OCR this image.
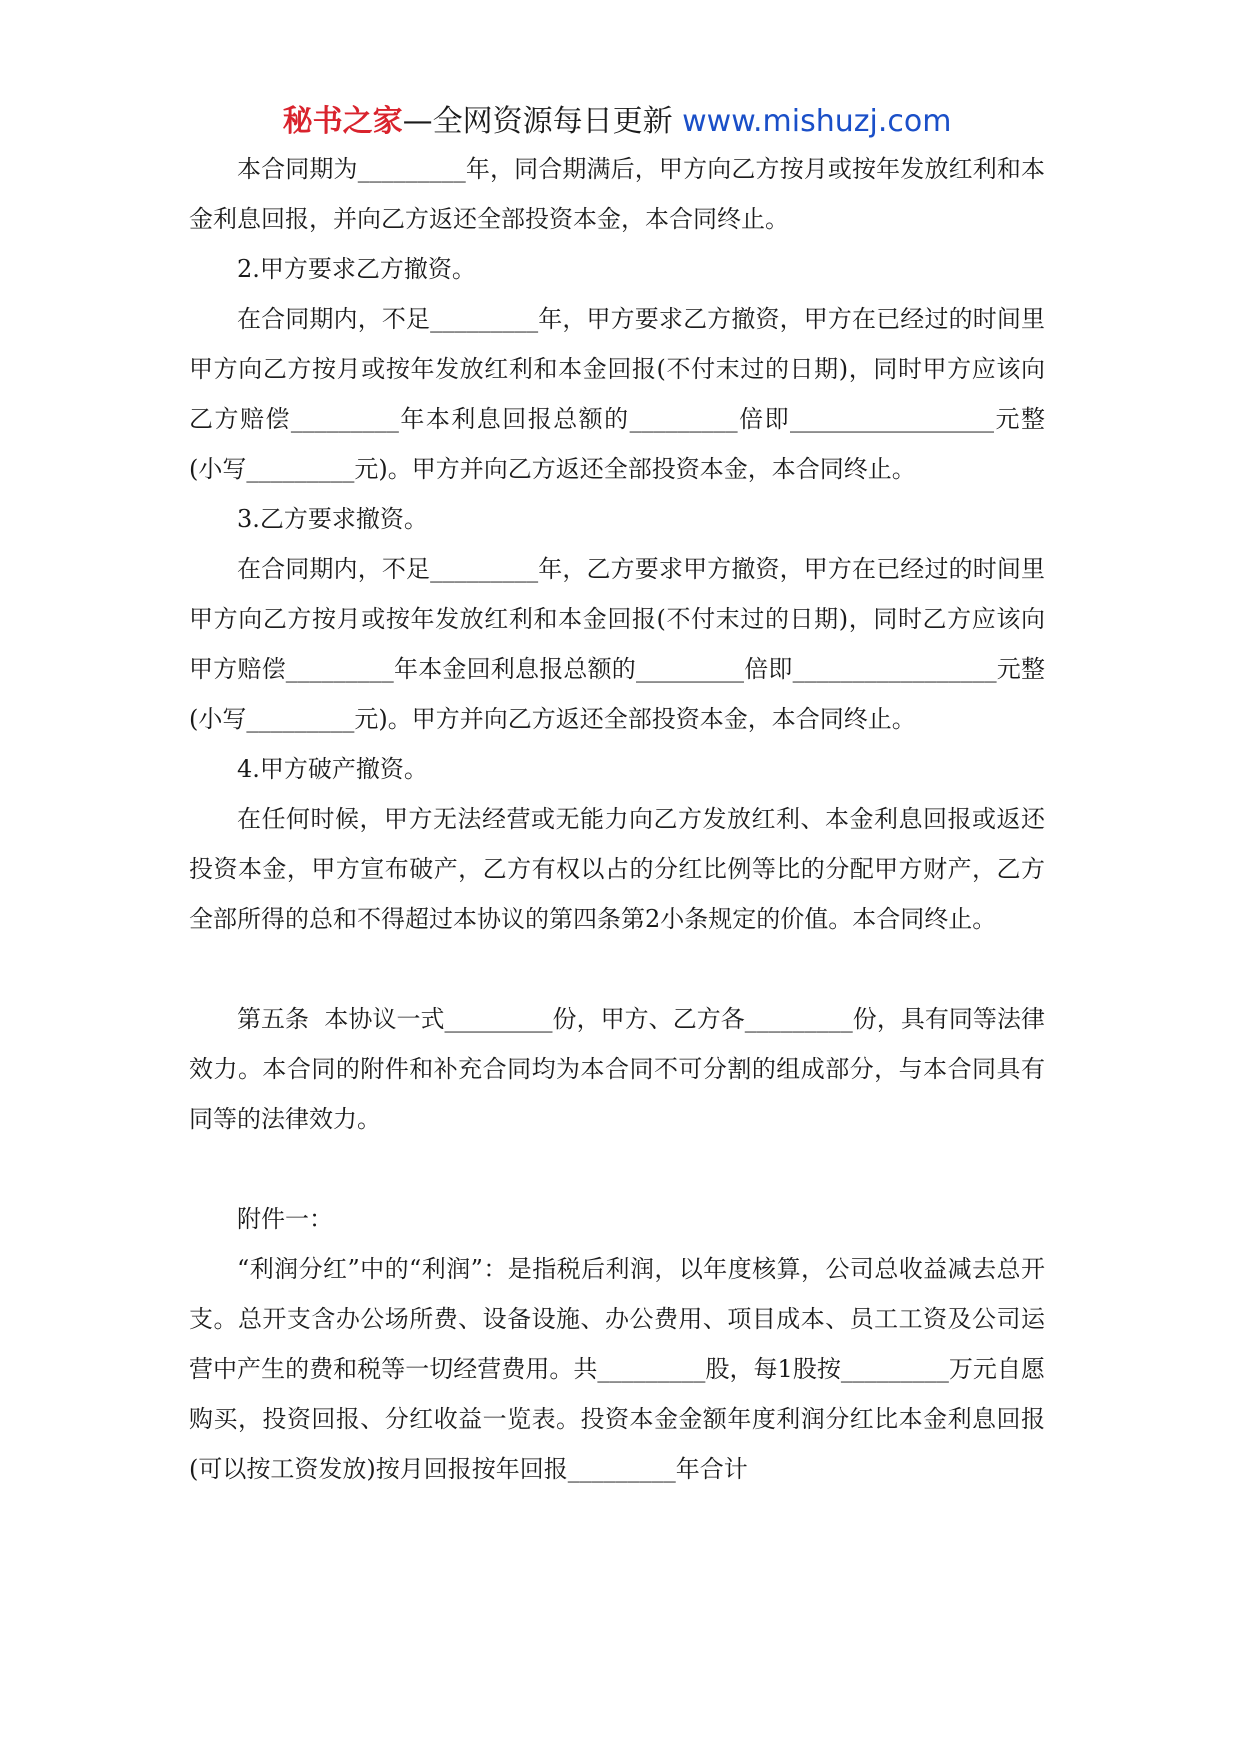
秘书之家—全网资源每日更新 www.mishuzj.com

本合同期为_________年，同合期满后，甲方向乙方按月或按年发放红利和本金利息回报，并向乙方返还全部投资本金，本合同终止。

2.甲方要求乙方撤资。

在合同期内，不足_________年，甲方要求乙方撤资，甲方在已经过的时间里甲方向乙方按月或按年发放红利和本金回报(不付末过的日期)，同时甲方应该向乙方赔偿_________年本利息回报总额的_________倍即_________________元整(小写_________元)。甲方并向乙方返还全部投资本金，本合同终止。

3.乙方要求撤资。

在合同期内，不足_________年，乙方要求甲方撤资，甲方在已经过的时间里甲方向乙方按月或按年发放红利和本金回报(不付末过的日期)，同时乙方应该向甲方赔偿_________年本金回利息报总额的_________倍即_________________元整(小写_________元)。甲方并向乙方返还全部投资本金，本合同终止。

4.甲方破产撤资。

在任何时候，甲方无法经营或无能力向乙方发放红利、本金利息回报或返还投资本金，甲方宣布破产，乙方有权以占的分红比例等比的分配甲方财产，乙方全部所得的总和不得超过本协议的第四条第2小条规定的价值。本合同终止。

第五条  本协议一式_________份，甲方、乙方各_________份，具有同等法律效力。本合同的附件和补充合同均为本合同不可分割的组成部分，与本合同具有同等的法律效力。

附件一：

“利润分红”中的“利润”：是指税后利润，以年度核算，公司总收益减去总开支。总开支含办公场所费、设备设施、办公费用、项目成本、员工工资及公司运营中产生的费和税等一切经营费用。共_________股，每1股按_________万元自愿购买，投资回报、分红收益一览表。投资本金金额年度利润分红比本金利息回报(可以按工资发放)按月回报按年回报_________年合计
